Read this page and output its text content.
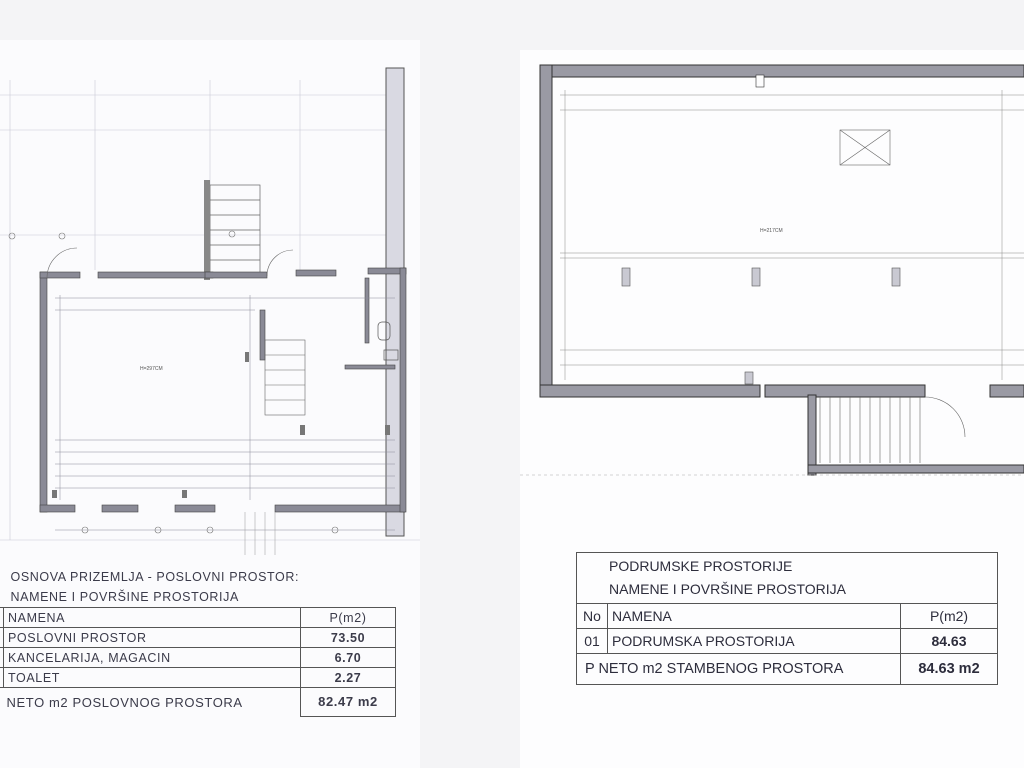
H=297CM
OSNOVA PRIZEMLJA - POSLOVNI PROSTOR:		
NAMENE I POVRŠINE PROSTORIJA		
	NAMENA	P(m2)
	POSLOVNI PROSTOR	73.50
	KANCELARIJA, MAGACIN	6.70
	TOALET	2.27
NETO m2 POSLOVNOG PROSTORA		82.47 m2
H=217CM
PODRUMSKE PROSTORIJE
NAMENE I POVRŠINE PROSTORIJA		

No	NAMENA	P(m2)
01	PODRUMSKA PROSTORIJA	84.63
P NETO m2 STAMBENOG PROSTORA		84.63 m2
